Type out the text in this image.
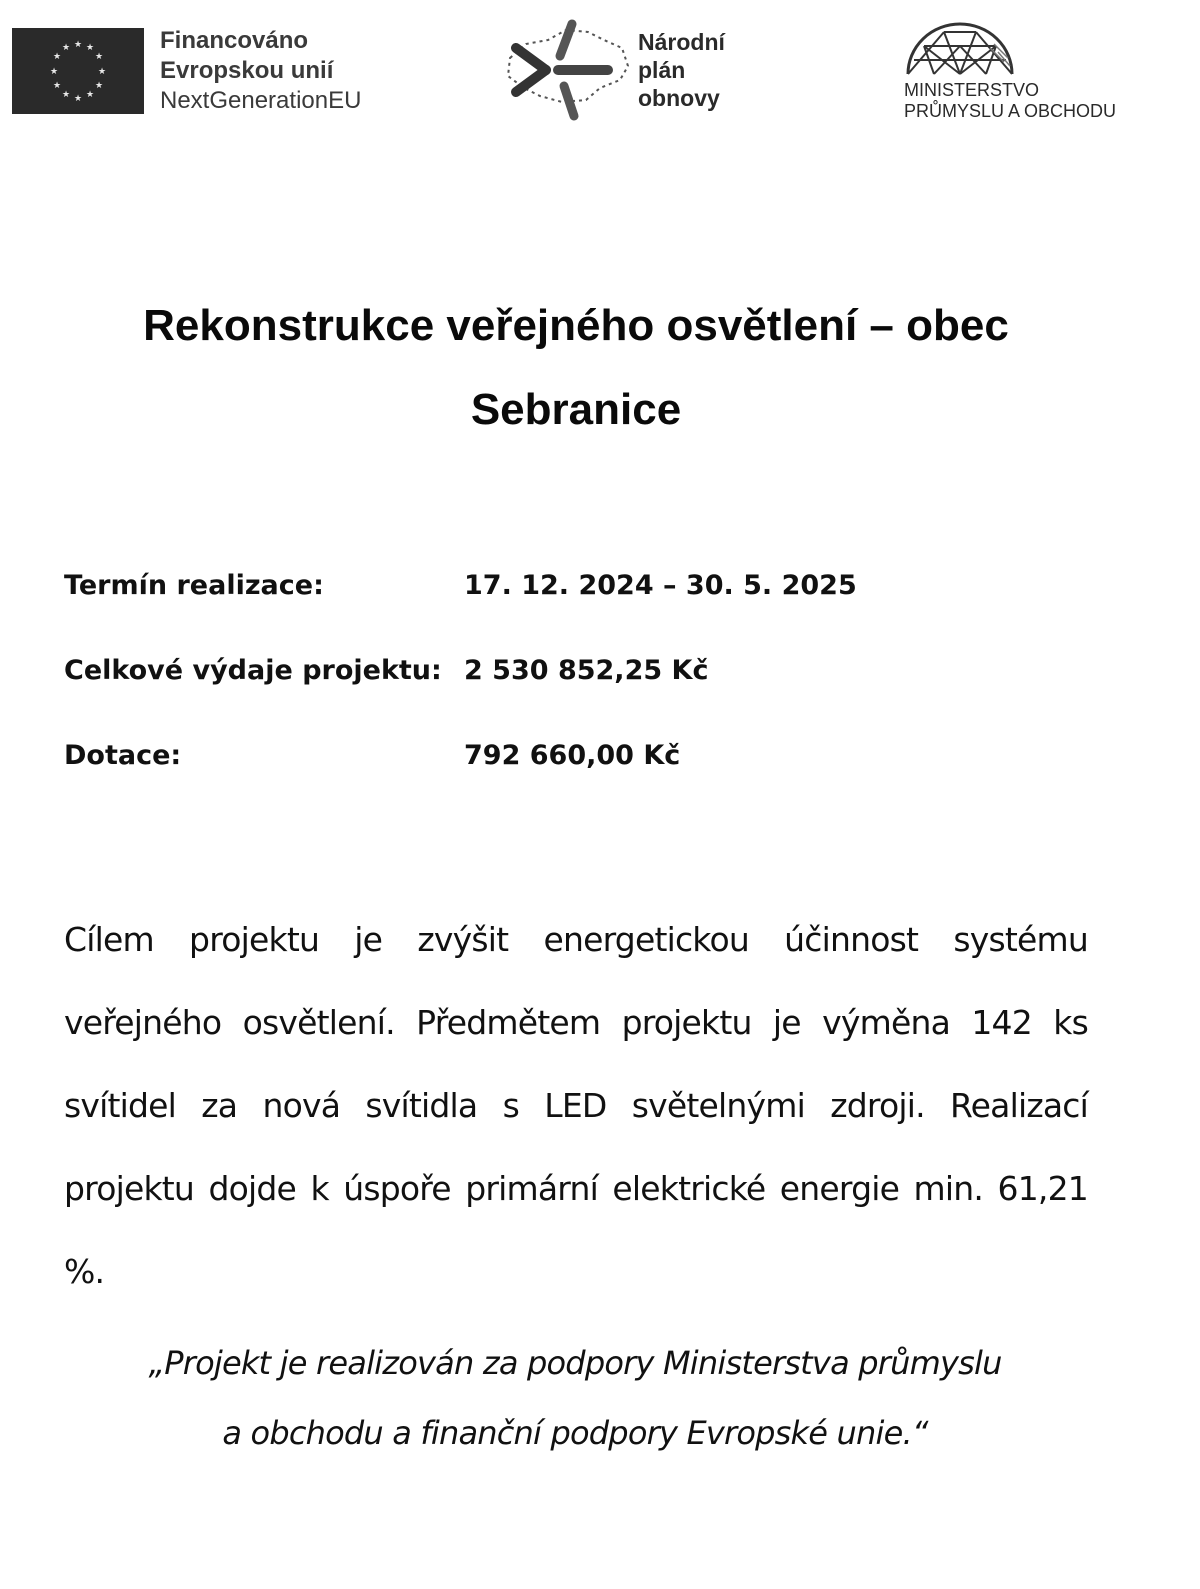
★ ★
★
★
★
★
★
★
★
★
★
★	Financováno
Evropskou unií
NextGenerationEU
Národní
plán
obnovy	MINISTERSTVO
PRŮMYSLU A OBCHODU
Rekonstrukce veřejného osvětlení – obec
Sebranice
Termín realizace:	17. 12. 2024 – 30. 5. 2025
Celkové výdaje projektu: 2 530 852,25 Kč
Dotace:	792 660,00 Kč

Cílem projektu je zvýšit energetickou účinnost systému veřejného osvětlení. Předmětem projektu je výměna 142 ks svítidel za nová svítidla s LED světelnými zdroji. Realizací projektu dojde k úspoře primární elektrické energie min. 61,21 %.

„Projekt je realizován za podpory Ministerstva průmyslu
a obchodu a finanční podpory Evropské unie.“
